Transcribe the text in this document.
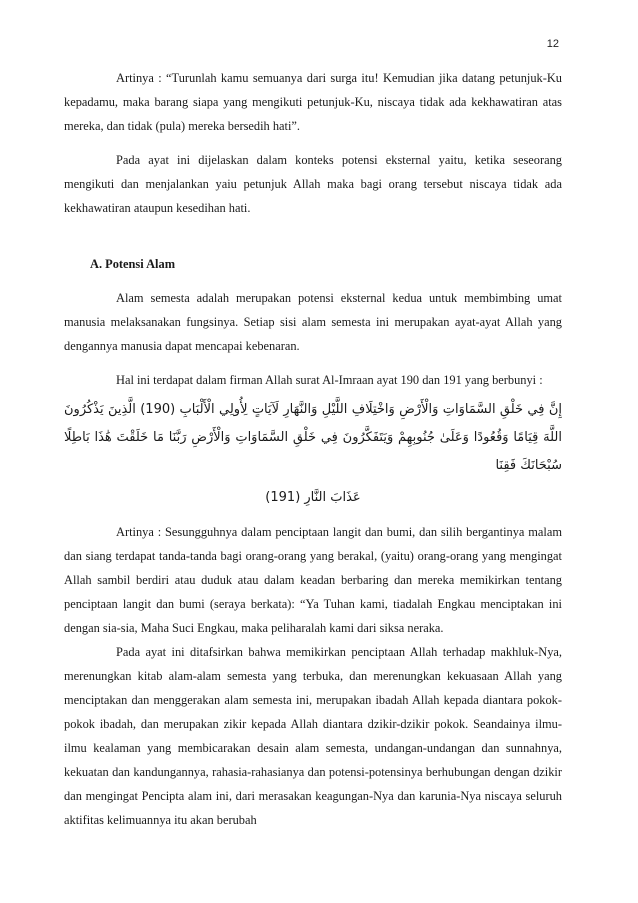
12

Artinya : “Turunlah kamu semuanya dari surga itu! Kemudian jika datang petunjuk-Ku kepadamu, maka barang siapa yang mengikuti petunjuk-Ku, niscaya tidak ada kekhawatiran atas mereka, dan tidak (pula) mereka bersedih hati”.

Pada ayat ini dijelaskan dalam konteks potensi eksternal yaitu, ketika seseorang mengikuti dan menjalankan yaiu petunjuk Allah maka bagi orang tersebut niscaya tidak ada kekhawatiran ataupun kesedihan hati.

A. Potensi Alam

Alam semesta adalah merupakan potensi eksternal kedua untuk membimbing umat manusia melaksanakan fungsinya. Setiap sisi alam semesta ini merupakan ayat-ayat Allah yang dengannya manusia dapat mencapai kebenaran.

Hal ini terdapat dalam firman Allah surat Al-Imraan ayat 190 dan 191 yang berbunyi :

إِنَّ فِي خَلْقِ السَّمَاوَاتِ وَالْأَرْضِ وَاخْتِلَافِ اللَّيْلِ وَالنَّهَارِ لَآيَاتٍ لِأُولِي الْأَلْبَابِ (190) الَّذِينَ يَذْكُرُونَ اللَّهَ قِيَامًا وَقُعُودًا وَعَلَىٰ جُنُوبِهِمْ وَيَتَفَكَّرُونَ فِي خَلْقِ السَّمَاوَاتِ وَالْأَرْضِ رَبَّنَا مَا خَلَقْتَ هَٰذَا بَاطِلًا سُبْحَانَكَ فَقِنَا
عَذَابَ النَّارِ (191)

Artinya : Sesungguhnya dalam penciptaan langit dan bumi, dan silih bergantinya malam dan siang terdapat tanda-tanda bagi orang-orang yang berakal, (yaitu) orang-orang yang mengingat Allah sambil berdiri atau duduk atau dalam keadan berbaring dan mereka memikirkan tentang penciptaan langit dan bumi (seraya berkata): “Ya Tuhan kami, tiadalah Engkau menciptakan ini dengan sia-sia, Maha Suci Engkau, maka peliharalah kami dari siksa neraka.

Pada ayat ini ditafsirkan bahwa memikirkan penciptaan Allah terhadap makhluk-Nya, merenungkan kitab alam-alam semesta yang terbuka, dan merenungkan kekuasaan Allah yang menciptakan dan menggerakan alam semesta ini, merupakan ibadah Allah kepada diantara pokok-pokok ibadah, dan merupakan zikir kepada Allah diantara dzikir-dzikir pokok. Seandainya ilmu-ilmu kealaman yang membicarakan desain alam semesta, undangan-undangan dan sunnahnya, kekuatan dan kandungannya, rahasia-rahasianya dan potensi-potensinya berhubungan dengan dzikir dan mengingat Pencipta alam ini, dari merasakan keagungan-Nya dan karunia-Nya niscaya seluruh aktifitas kelimuannya itu akan berubah
